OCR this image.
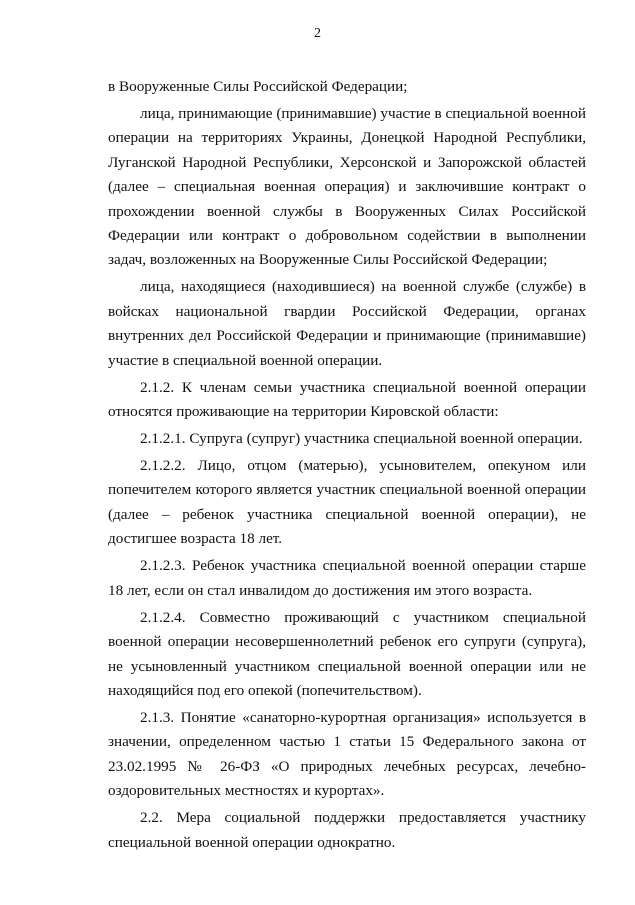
2

в Вооруженные Силы Российской Федерации;

лица, принимающие (принимавшие) участие в специальной военной операции на территориях Украины, Донецкой Народной Республики, Луганской Народной Республики, Херсонской и Запорожской областей (далее – специальная военная операция) и заключившие контракт о прохождении военной службы в Вооруженных Силах Российской Федерации или контракт о добровольном содействии в выполнении задач, возложенных на Вооруженные Силы Российской Федерации;

лица, находящиеся (находившиеся) на военной службе (службе) в войсках национальной гвардии Российской Федерации, органах внутренних дел Российской Федерации и принимающие (принимавшие) участие в специальной военной операции.

2.1.2. К членам семьи участника специальной военной операции относятся проживающие на территории Кировской области:

2.1.2.1. Супруга (супруг) участника специальной военной операции.

2.1.2.2. Лицо, отцом (матерью), усыновителем, опекуном или попечителем которого является участник специальной военной операции (далее – ребенок участника специальной военной операции), не достигшее возраста 18 лет.

2.1.2.3. Ребенок участника специальной военной операции старше 18 лет, если он стал инвалидом до достижения им этого возраста.

2.1.2.4. Совместно проживающий с участником специальной военной операции несовершеннолетний ребенок его супруги (супруга), не усыновленный участником специальной военной операции или не находящийся под его опекой (попечительством).

2.1.3. Понятие «санаторно-курортная организация» используется в значении, определенном частью 1 статьи 15 Федерального закона от 23.02.1995 № 26-ФЗ «О природных лечебных ресурсах, лечебно-оздоровительных местностях и курортах».

2.2. Мера социальной поддержки предоставляется участнику специальной военной операции однократно.
